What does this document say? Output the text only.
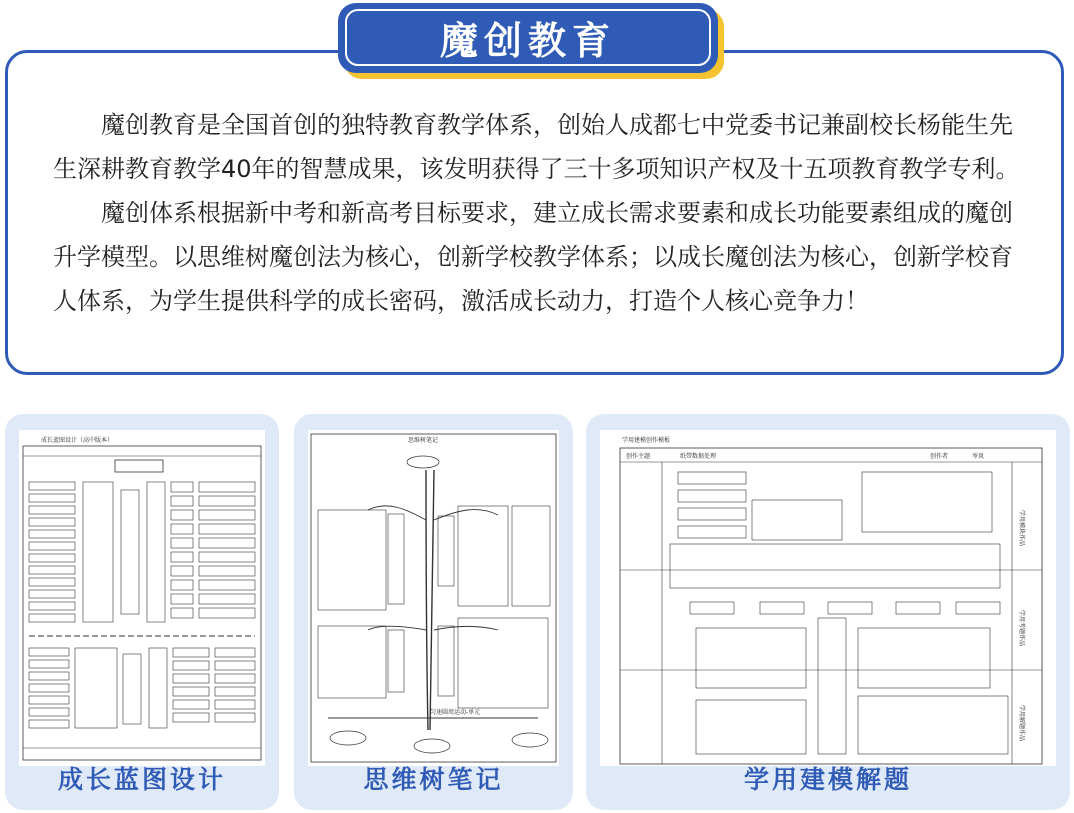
魔创教育是全国首创的独特教育教学体系，创始人成都七中党委书记兼副校长杨能生先生深耕教育教学40年的智慧成果，该发明获得了三十多项知识产权及十五项教育教学专利。

魔创体系根据新中考和新高考目标要求，建立成长需求要素和成长功能要素组成的魔创升学模型。以思维树魔创法为核心，创新学校教学体系；以成长魔创法为核心，创新学校育人体系，为学生提供科学的成长密码，激活成长动力，打造个人核心竞争力！

魔创教育
成长蓝图设计（高中版本）
成长蓝图设计
思维树笔记
匀速圆周运动-单元
思维树笔记
学用建模创作模板
创作主题	纸带数据处理	创作者	岑岚
学用模块作品
学用考题作品
学用解题作品
学用建模解题
